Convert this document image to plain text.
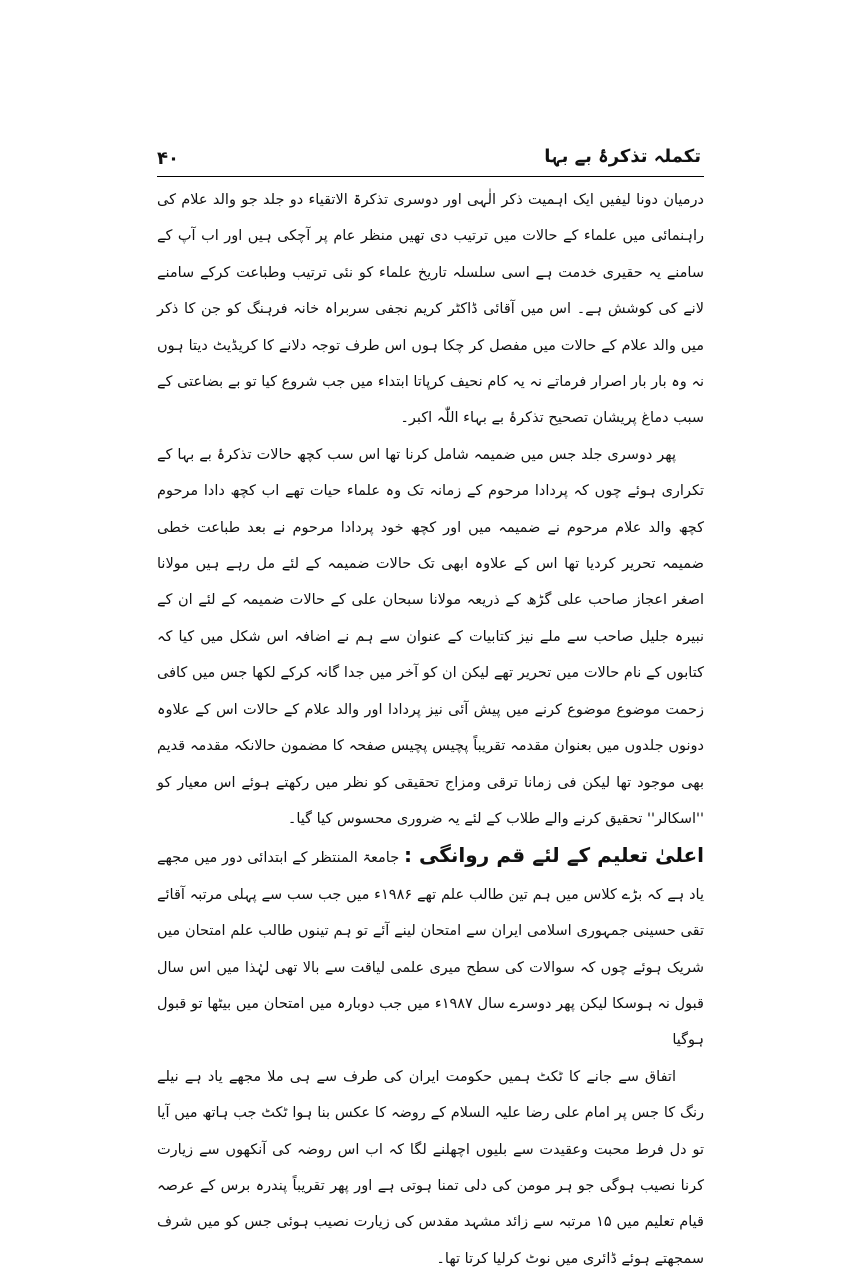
۴۰	تکملہ تذکرۂ بے بہا

درمیان دونا لیفیں ایک اہمیت ذکر الٰہی اور دوسری تذکرۃ الاتقیاء دو جلد جو والد علام کی راہنمائی میں علماء کے حالات میں ترتیب دی تھیں منظر عام پر آچکی ہیں اور اب آپ کے سامنے یہ حقیری خدمت ہے اسی سلسلہ تاریخ علماء کو نئی ترتیب وطباعت کرکے سامنے لانے کی کوشش ہے۔ اس میں آقائی ڈاکٹر کریم نجفی سربراہ خانہ فرہنگ کو جن کا ذکر میں والد علام کے حالات میں مفصل کر چکا ہوں اس طرف توجہ دلانے کا کریڈیٹ دیتا ہوں نہ وہ بار بار اصرار فرماتے نہ یہ کام نحیف کرپاتا ابتداء میں جب شروع کیا تو بے بضاعتی کے سبب دماغ پریشان تصحیح تذکرۂ بے بہاء اللّٰہ اکبر۔

پھر دوسری جلد جس میں ضمیمہ شامل کرنا تھا اس سب کچھ حالات تذکرۂ بے بہا کے تکراری ہوئے چوں کہ پردادا مرحوم کے زمانہ تک وہ علماء حیات تھے اب کچھ دادا مرحوم کچھ والد علام مرحوم نے ضمیمہ میں اور کچھ خود پردادا مرحوم نے بعد طباعت خطی ضمیمہ تحریر کردیا تھا اس کے علاوہ ابھی تک حالات ضمیمہ کے لئے مل رہے ہیں مولانا اصغر اعجاز صاحب علی گڑھ کے ذریعہ مولانا سبحان علی کے حالات ضمیمہ کے لئے ان کے نبیرہ جلیل صاحب سے ملے نیز کتابیات کے عنوان سے ہم نے اضافہ اس شکل میں کیا کہ کتابوں کے نام حالات میں تحریر تھے لیکن ان کو آخر میں جدا گانہ کرکے لکھا جس میں کافی زحمت موضوع موضوع کرنے میں پیش آئی نیز پردادا اور والد علام کے حالات اس کے علاوہ دونوں جلدوں میں بعنوان مقدمہ تقریباً پچیس پچیس صفحہ کا مضمون حالانکہ مقدمہ قدیم بھی موجود تھا لیکن فی زمانا ترقی ومزاج تحقیقی کو نظر میں رکھتے ہوئے اس معیار کو ''اسکالر'' تحقیق کرنے والے طلاب کے لئے یہ ضروری محسوس کیا گیا۔

اعلیٰ تعلیم کے لئے قم روانگی : جامعۃ المنتظر کے ابتدائی دور میں مجھے یاد ہے کہ بڑے کلاس میں ہم تین طالب علم تھے ۱۹۸۶ء میں جب سب سے پہلی مرتبہ آقائے تقی حسینی جمہوری اسلامی ایران سے امتحان لینے آئے تو ہم تینوں طالب علم امتحان میں شریک ہوئے چوں کہ سوالات کی سطح میری علمی لیاقت سے بالا تھی لہٰذا میں اس سال قبول نہ ہوسکا لیکن پھر دوسرے سال ۱۹۸۷ء میں جب دوبارہ میں امتحان میں بیٹھا تو قبول ہوگیا

اتفاق سے جانے کا ٹکٹ ہمیں حکومت ایران کی طرف سے ہی ملا مجھے یاد ہے نیلے رنگ کا جس پر امام علی رضا علیہ السلام کے روضہ کا عکس بنا ہوا ٹکٹ جب ہاتھ میں آیا تو دل فرط محبت وعقیدت سے بلیوں اچھلنے لگا کہ اب اس روضہ کی آنکھوں سے زیارت کرنا نصیب ہوگی جو ہر مومن کی دلی تمنا ہوتی ہے اور پھر تقریباً پندرہ برس کے عرصہ قیام تعلیم میں ۱۵ مرتبہ سے زائد مشہد مقدس کی زیارت نصیب ہوئی جس کو میں شرف سمجھتے ہوئے ڈائری میں نوٹ کرلیا کرتا تھا۔
